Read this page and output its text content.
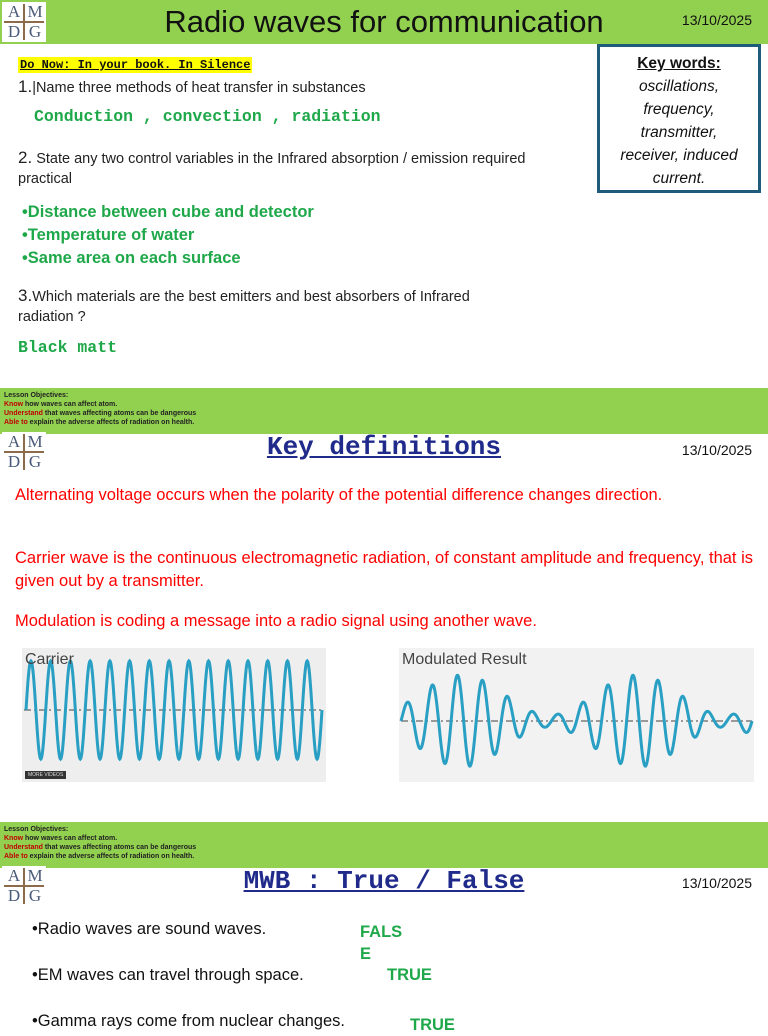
A M
D G	Radio waves for communication	13/10/2025
Do Now: In your book. In Silence
1.|Name three methods of heat transfer in substances
Conduction , convection , radiation
2. State any two control variables in the Infrared absorption / emission required practical
•Distance between cube and detector
•Temperature of water
•Same area on each surface
3.Which materials are the best emitters and best absorbers of Infrared radiation ?
Black matt
Key words:
oscillations,
frequency,
transmitter,
receiver, induced current.
Lesson Objectives:
Know how waves can affect atom.
Understand that waves affecting atoms can be dangerous
Able to explain the adverse affects of radiation on health.
A M
D G	Key definitions	13/10/2025
Alternating voltage occurs when the polarity of the potential difference changes direction.
Carrier wave is the continuous electromagnetic radiation, of constant amplitude and frequency, that is given out by a transmitter.
Modulation is coding a message into a radio signal using another wave.
Carrier
MORE VIDEOS
Modulated Result
Lesson Objectives:
Know how waves can affect atom.
Understand that waves affecting atoms can be dangerous
Able to explain the adverse affects of radiation on health.
A M
D G	MWB : True / False	13/10/2025
•Radio waves are sound waves.	FALSE
•EM waves can travel through space.	TRUE
•Gamma rays come from nuclear changes.	TRUE
